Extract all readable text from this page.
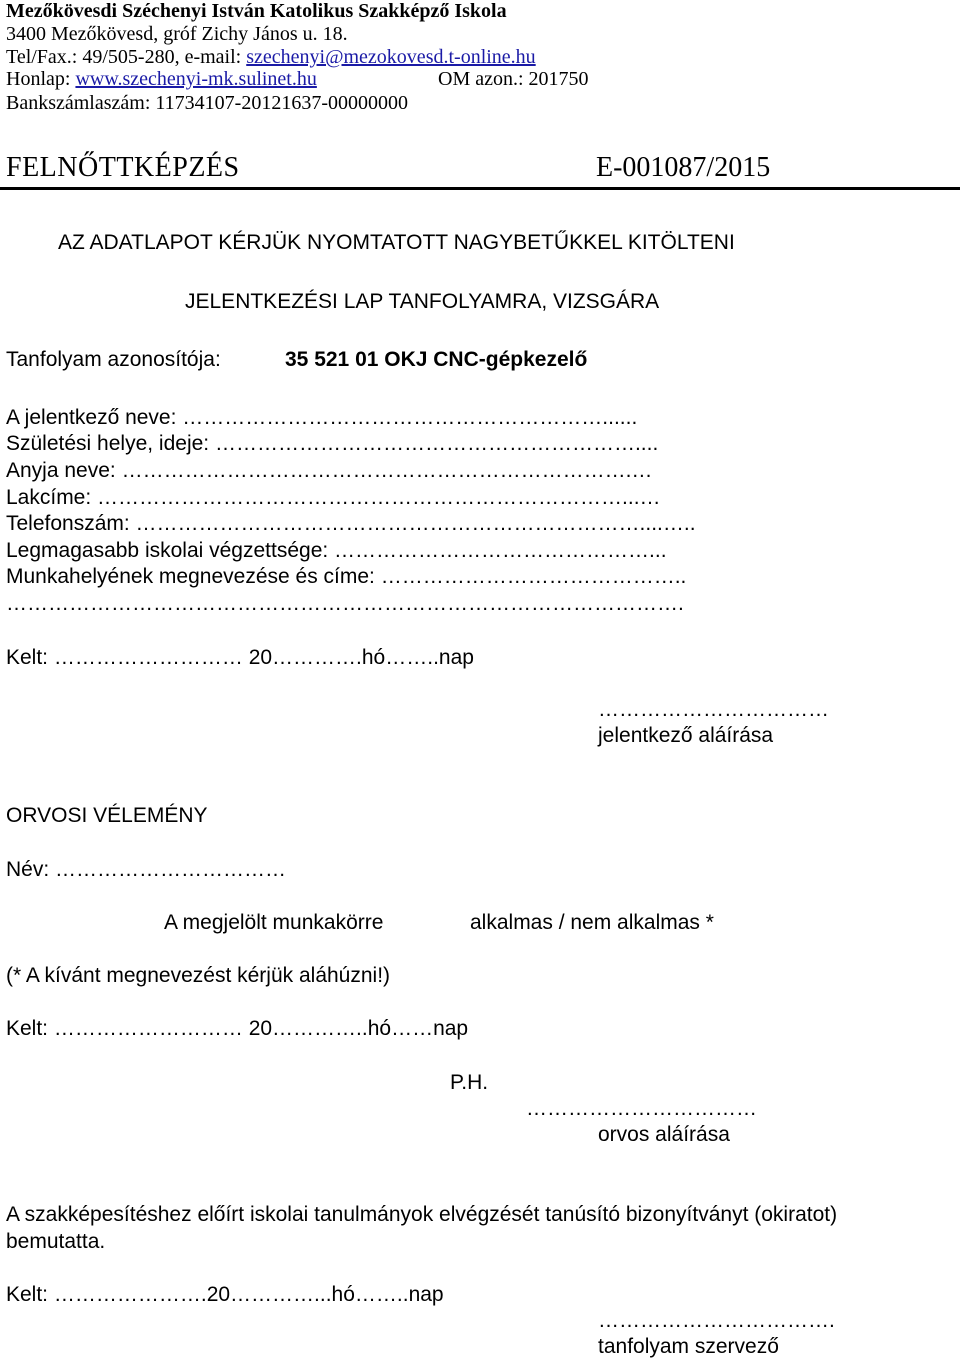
Mezőkövesdi Széchenyi István Katolikus Szakképző Iskola
3400 Mezőkövesd, gróf Zichy János u. 18.
Tel/Fax.: 49/505-280, e-mail: szechenyi@mezokovesd.t-online.hu
Honlap: www.szechenyi-mk.sulinet.hu	OM azon.: 201750
Bankszámlaszám: 11734107-20121637-00000000
FELNŐTTKÉPZÉS	E-001087/2015
AZ ADATLAPOT KÉRJÜK NYOMTATOTT NAGYBETŰKKEL KITÖLTENI
JELENTKEZÉSI LAP TANFOLYAMRA, VIZSGÁRA
Tanfolyam azonosítója:	35 521 01 OKJ CNC-gépkezelő
A jelentkező neve: ……………………………………………………......
Születési helye, ideje: ……………………………………………………....
Anyja neve: ……………………………………………………………….…
Lakcíme: …………………………………………………………………...…
Telefonszám: ………………………………………………………………....…..
Legmagasabb iskolai végzettsége: ………………………………………...
Munkahelyének megnevezése és címe: ……………………………………..
…………………………………………………………………………………….
Kelt: ……………………… 20………….hó……..nap
……………………………
jelentkező aláírása
ORVOSI VÉLEMÉNY
Név: ……………………………
A megjelölt munkakörre	alkalmas / nem alkalmas *
(* A kívánt megnevezést kérjük aláhúzni!)
Kelt: ……………………… 20…………..hó……nap
P.H.
……………………………
orvos aláírása
A szakképesítéshez előírt iskolai tanulmányok elvégzését tanúsító bizonyítványt (okiratot)
bemutatta.
Kelt: ………………….20…………...hó……..nap
…………………………….
tanfolyam szervező
